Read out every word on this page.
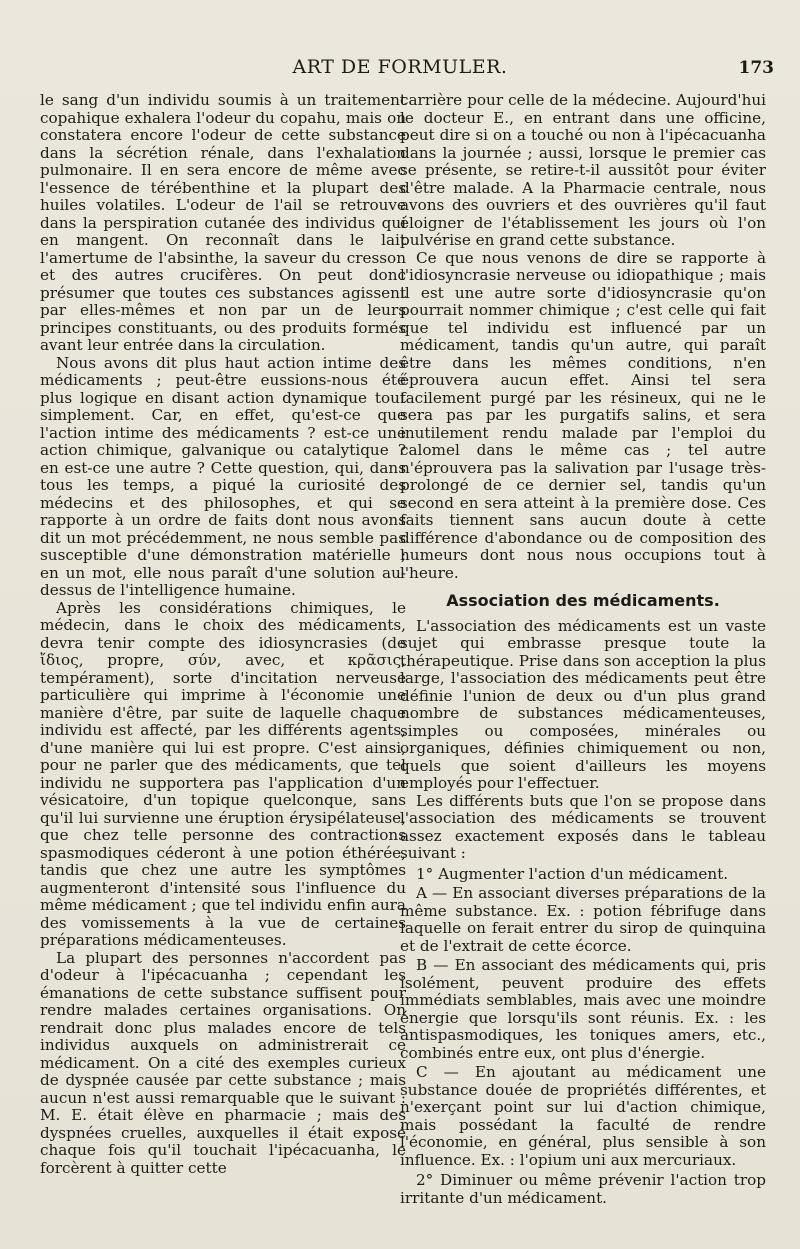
ART DE FORMULER.	173

le sang d'un individu soumis à un traitement copahique exhalera l'odeur du copahu, mais on constatera encore l'odeur de cette substance dans la sécrétion rénale, dans l'exhalation pulmonaire. Il en sera encore de même avec l'essence de térébenthine et la plupart des huiles volatiles. L'odeur de l'ail se retrouve dans la perspiration cutanée des individus qui en mangent. On reconnaît dans le lait l'amertume de l'absinthe, la saveur du cresson et des autres crucifères. On peut donc présumer que toutes ces substances agissent par elles-mêmes et non par un de leurs principes constituants, ou des produits formés avant leur entrée dans la circulation.

Nous avons dit plus haut action intime des médicaments ; peut-être eussions-nous été plus logique en disant action dynamique tout simplement. Car, en effet, qu'est-ce que l'action intime des médicaments ? est-ce une action chimique, galvanique ou catalytique ? en est-ce une autre ? Cette question, qui, dans tous les temps, a piqué la curiosité des médecins et des philosophes, et qui se rapporte à un ordre de faits dont nous avons dit un mot précédemment, ne nous semble pas susceptible d'une démonstration matérielle ; en un mot, elle nous paraît d'une solution au-dessus de l'intelligence humaine.

Après les considérations chimiques, le médecin, dans le choix des médicaments, devra tenir compte des idiosyncrasies (de ἴδιος, propre, σύν, avec, et κρᾶσις, tempérament), sorte d'incitation nerveuse particulière qui imprime à l'économie une manière d'être, par suite de laquelle chaque individu est affecté, par les différents agents, d'une manière qui lui est propre. C'est ainsi, pour ne parler que des médicaments, que tel individu ne supportera pas l'application d'un vésicatoire, d'un topique quelconque, sans qu'il lui survienne une éruption érysipélateuse, que chez telle personne des contractions spasmodiques céderont à une potion éthérée, tandis que chez une autre les symptômes augmenteront d'intensité sous l'influence du même médicament ; que tel individu enfin aura des vomissements à la vue de certaines préparations médicamenteuses.

La plupart des personnes n'accordent pas d'odeur à l'ipécacuanha ; cependant les émanations de cette substance suffisent pour rendre malades certaines organisations. On rendrait donc plus malades encore de tels individus auxquels on administrerait ce médicament. On a cité des exemples curieux de dyspnée causée par cette substance ; mais aucun n'est aussi remarquable que le suivant : M. E. était élève en pharmacie ; mais des dyspnées cruelles, auxquelles il était exposé chaque fois qu'il touchait l'ipécacuanha, le forcèrent à quitter cette

carrière pour celle de la médecine. Aujourd'hui le docteur E., en entrant dans une officine, peut dire si on a touché ou non à l'ipécacuanha dans la journée ; aussi, lorsque le premier cas se présente, se retire-t-il aussitôt pour éviter d'être malade. A la Pharmacie centrale, nous avons des ouvriers et des ouvrières qu'il faut éloigner de l'établissement les jours où l'on pulvérise en grand cette substance.

Ce que nous venons de dire se rapporte à l'idiosyncrasie nerveuse ou idiopathique ; mais il est une autre sorte d'idiosyncrasie qu'on pourrait nommer chimique ; c'est celle qui fait que tel individu est influencé par un médicament, tandis qu'un autre, qui paraît être dans les mêmes conditions, n'en éprouvera aucun effet. Ainsi tel sera facilement purgé par les résineux, qui ne le sera pas par les purgatifs salins, et sera inutilement rendu malade par l'emploi du calomel dans le même cas ; tel autre n'éprouvera pas la salivation par l'usage très-prolongé de ce dernier sel, tandis qu'un second en sera atteint à la première dose. Ces faits tiennent sans aucun doute à cette différence d'abondance ou de composition des humeurs dont nous nous occupions tout à l'heure.

Association des médicaments.

L'association des médicaments est un vaste sujet qui embrasse presque toute la thérapeutique. Prise dans son acception la plus large, l'association des médicaments peut être définie l'union de deux ou d'un plus grand nombre de substances médicamenteuses, simples ou composées, minérales ou organiques, définies chimiquement ou non, quels que soient d'ailleurs les moyens employés pour l'effectuer.

Les différents buts que l'on se propose dans l'association des médicaments se trouvent assez exactement exposés dans le tableau suivant :

1° Augmenter l'action d'un médicament.

A — En associant diverses préparations de la même substance. Ex. : potion fébrifuge dans laquelle on ferait entrer du sirop de quinquina et de l'extrait de cette écorce.

B — En associant des médicaments qui, pris isolément, peuvent produire des effets immédiats semblables, mais avec une moindre énergie que lorsqu'ils sont réunis. Ex. : les antispasmodiques, les toniques amers, etc., combinés entre eux, ont plus d'énergie.

C — En ajoutant au médicament une substance douée de propriétés différentes, et n'exerçant point sur lui d'action chimique, mais possédant la faculté de rendre l'économie, en général, plus sensible à son influence. Ex. : l'opium uni aux mercuriaux.

2° Diminuer ou même prévenir l'action trop irritante d'un médicament.
